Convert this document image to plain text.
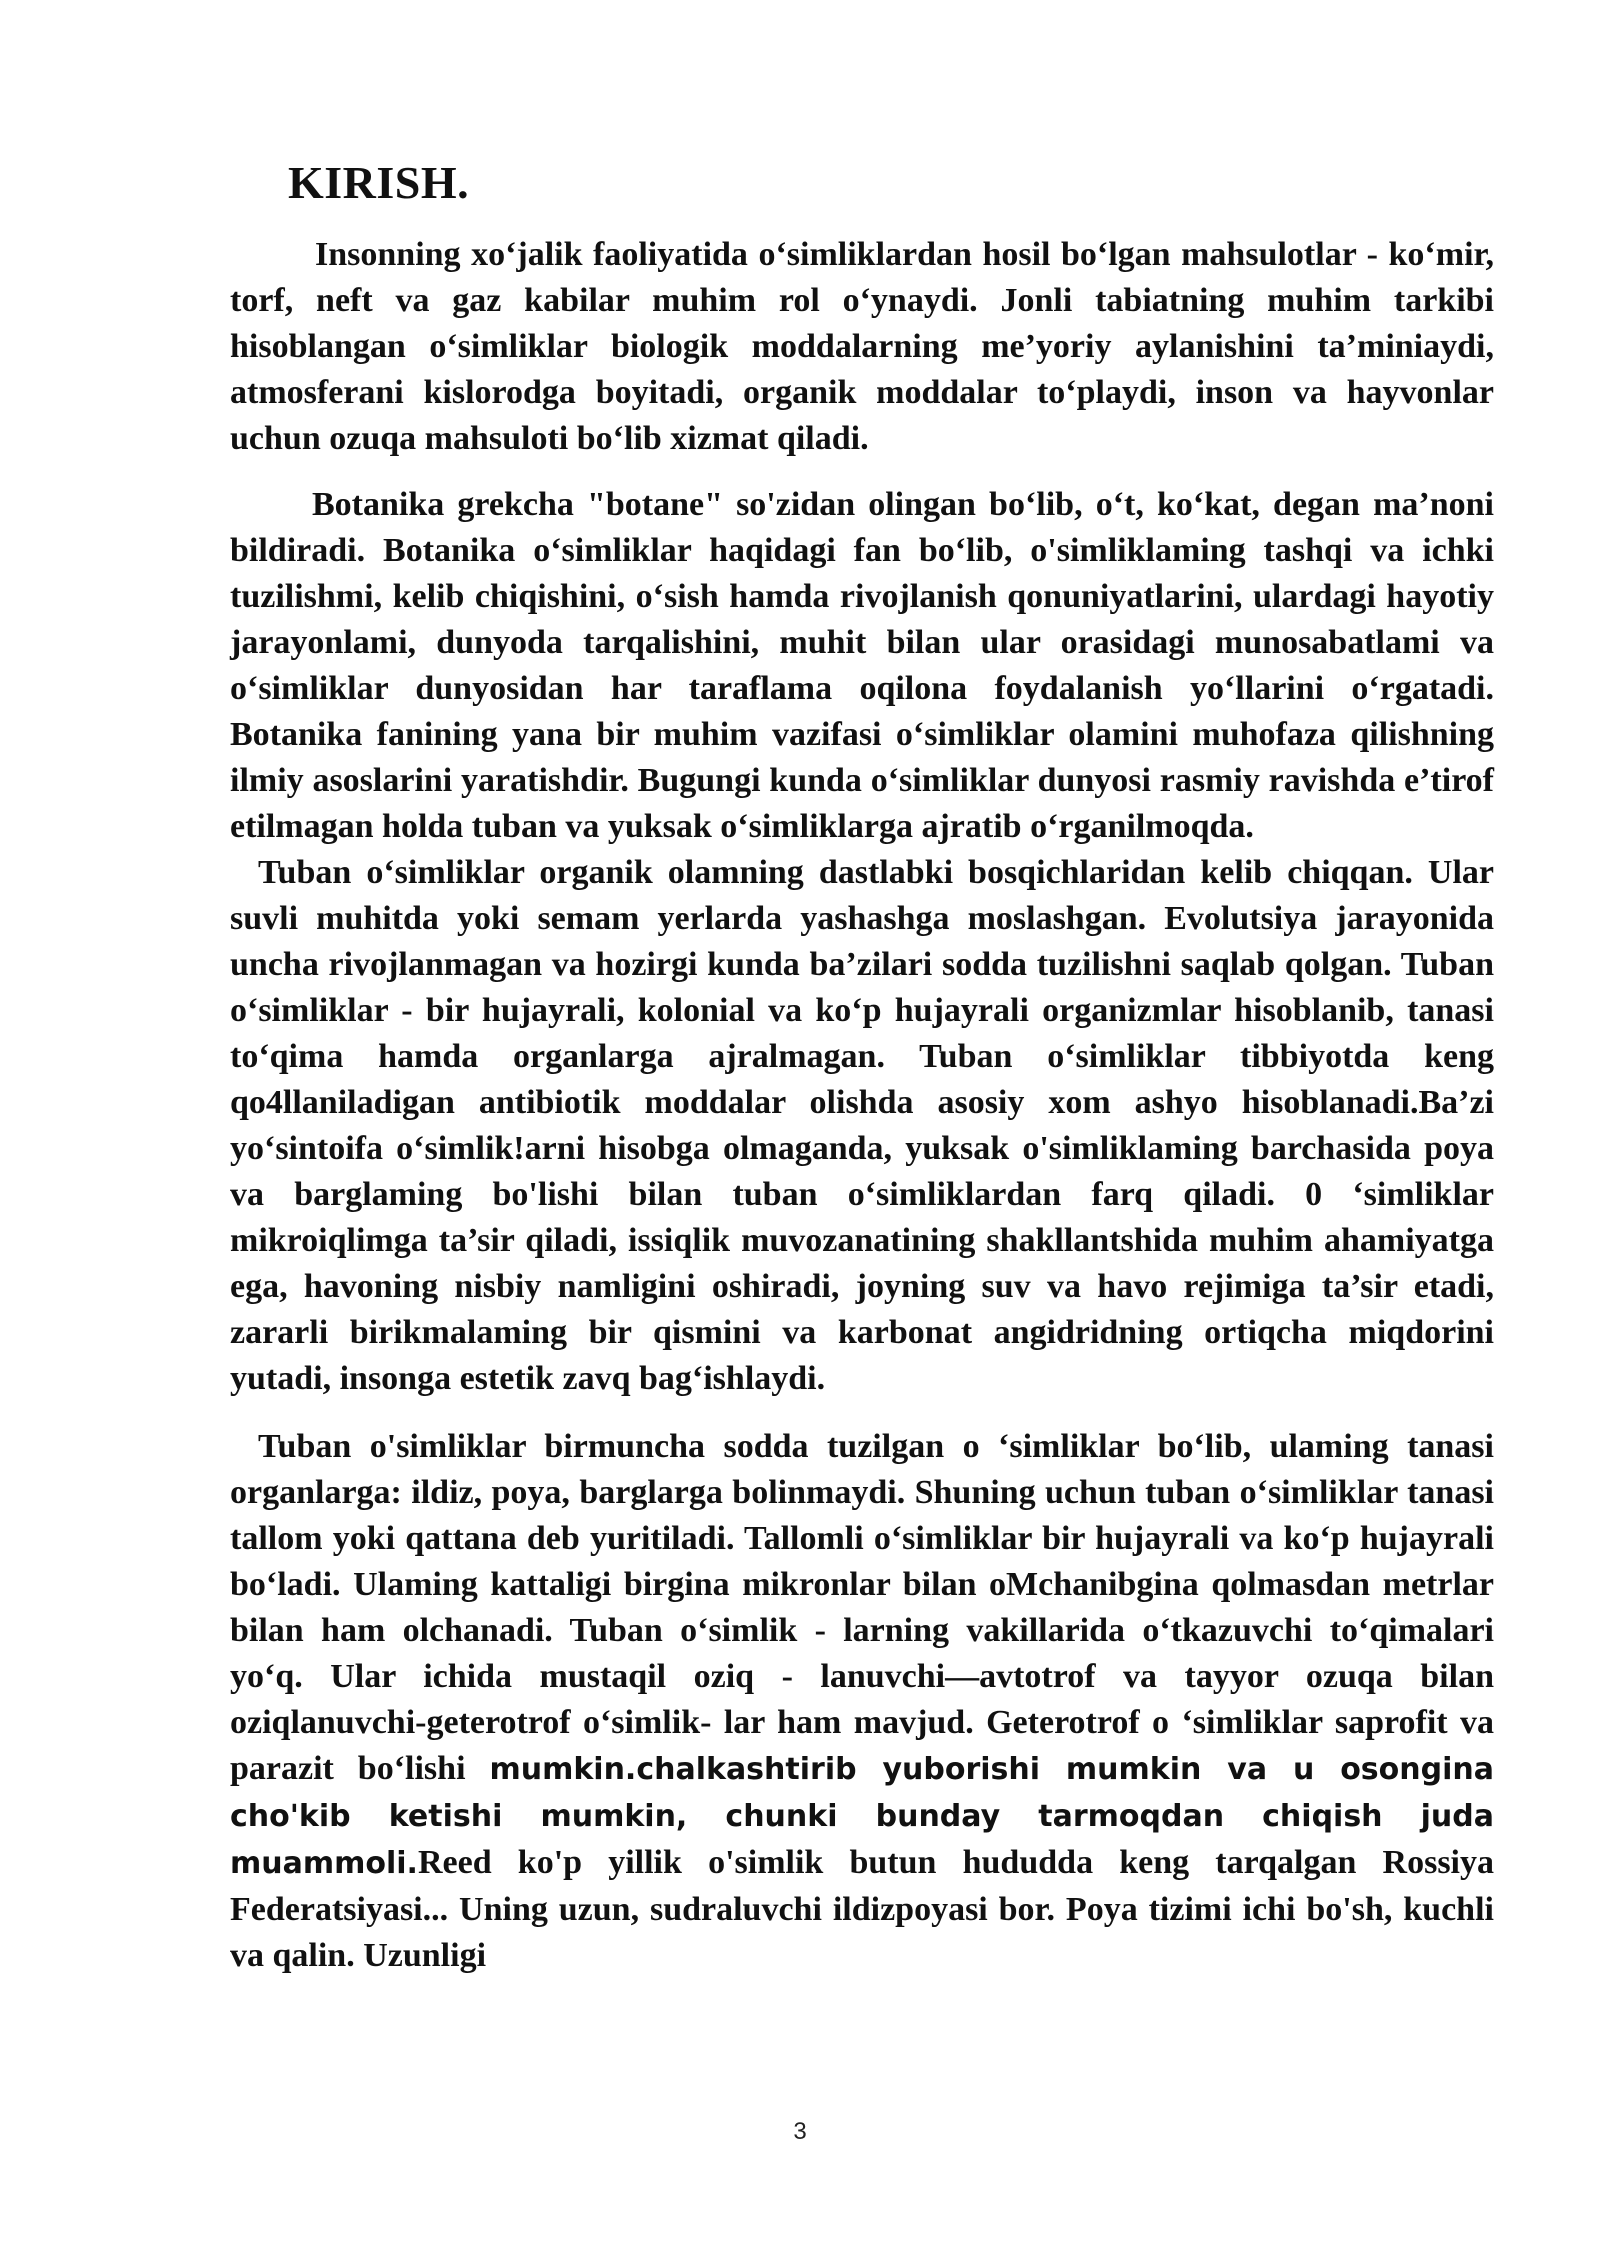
KIRISH.

Insonning xo‘jalik faoliyatida o‘simliklardan hosil bo‘lgan mahsulotlar - ko‘mir, torf, neft va gaz kabilar muhim rol o‘ynaydi. Jonli tabiatning muhim tarkibi hisoblangan o‘simliklar biologik moddalarning me’yoriy aylanishini ta’miniaydi, atmosferani kislorodga boyitadi, organik moddalar to‘playdi, inson va hayvonlar uchun ozuqa mahsuloti bo‘lib xizmat qiladi.

Botanika grekcha "botane" so'zidan olingan bo‘lib, o‘t, ko‘kat, degan ma’noni bildiradi. Botanika o‘simliklar haqidagi fan bo‘lib, o'simliklaming tashqi va ichki tuzilishmi, kelib chiqishini, o‘sish hamda rivojlanish qonuniyatlarini, ulardagi hayotiy jarayonlami, dunyoda tarqalishini, muhit bilan ular orasidagi munosabatlami va o‘simliklar dunyosidan har taraflama oqilona foydalanish yo‘llarini o‘rgatadi. Botanika fanining yana bir muhim vazifasi o‘simliklar olamini muhofaza qilishning ilmiy asoslarini yaratishdir. Bugungi kunda o‘simliklar dunyosi rasmiy ravishda e’tirof etilmagan holda tuban va yuksak o‘simliklarga ajratib o‘rganilmoqda.

Tuban o‘simliklar organik olamning dastlabki bosqichlaridan kelib chiqqan. Ular suvli muhitda yoki semam yerlarda yashashga moslashgan. Evolutsiya jarayonida uncha rivojlanmagan va hozirgi kunda ba’zilari sodda tuzilishni saqlab qolgan. Tuban o‘simliklar - bir hujayrali, kolonial va ko‘p hujayrali organizmlar hisoblanib, tanasi to‘qima hamda organlarga ajralmagan. Tuban o‘simliklar tibbiyotda keng qo4llaniladigan antibiotik moddalar olishda asosiy xom ashyo hisoblanadi.Ba’zi yo‘sintoifa o‘simlik!arni hisobga olmaganda, yuksak o'simliklaming barchasida poya va barglaming bo'lishi bilan tuban o‘simliklardan farq qiladi. 0 ‘simliklar mikroiqlimga ta’sir qiladi, issiqlik muvozanatining shakllantshida muhim ahamiyatga ega, havoning nisbiy namligini oshiradi, joyning suv va havo rejimiga ta’sir etadi, zararli birikmalaming bir qismini va karbonat angidridning ortiqcha miqdorini yutadi, insonga estetik zavq bag‘ishlaydi.

Tuban o'simliklar birmuncha sodda tuzilgan o ‘simliklar bo‘lib, ulaming tanasi organlarga: ildiz, poya, barglarga bolinmaydi. Shuning uchun tuban o‘simliklar tanasi tallom yoki qattana deb yuritiladi. Tallomli o‘simliklar bir hujayrali va ko‘p hujayrali bo‘ladi. Ulaming kattaligi birgina mikronlar bilan oMchanibgina qolmasdan metrlar bilan ham olchanadi. Tuban o‘simlik - larning vakillarida o‘tkazuvchi to‘qimalari yo‘q. Ular ichida mustaqil oziq - lanuvchi—avtotrof va tayyor ozuqa bilan oziqlanuvchi-geterotrof o‘simlik- lar ham mavjud. Geterotrof o ‘simliklar saprofit va parazit bo‘lishi mumkin.chalkashtirib yuborishi mumkin va u osongina cho'kib ketishi mumkin, chunki bunday tarmoqdan chiqish juda muammoli.Reed ko'p yillik o'simlik butun hududda keng tarqalgan Rossiya Federatsiyasi... Uning uzun, sudraluvchi ildizpoyasi bor. Poya tizimi ichi bo'sh, kuchli va qalin. Uzunligi

3
